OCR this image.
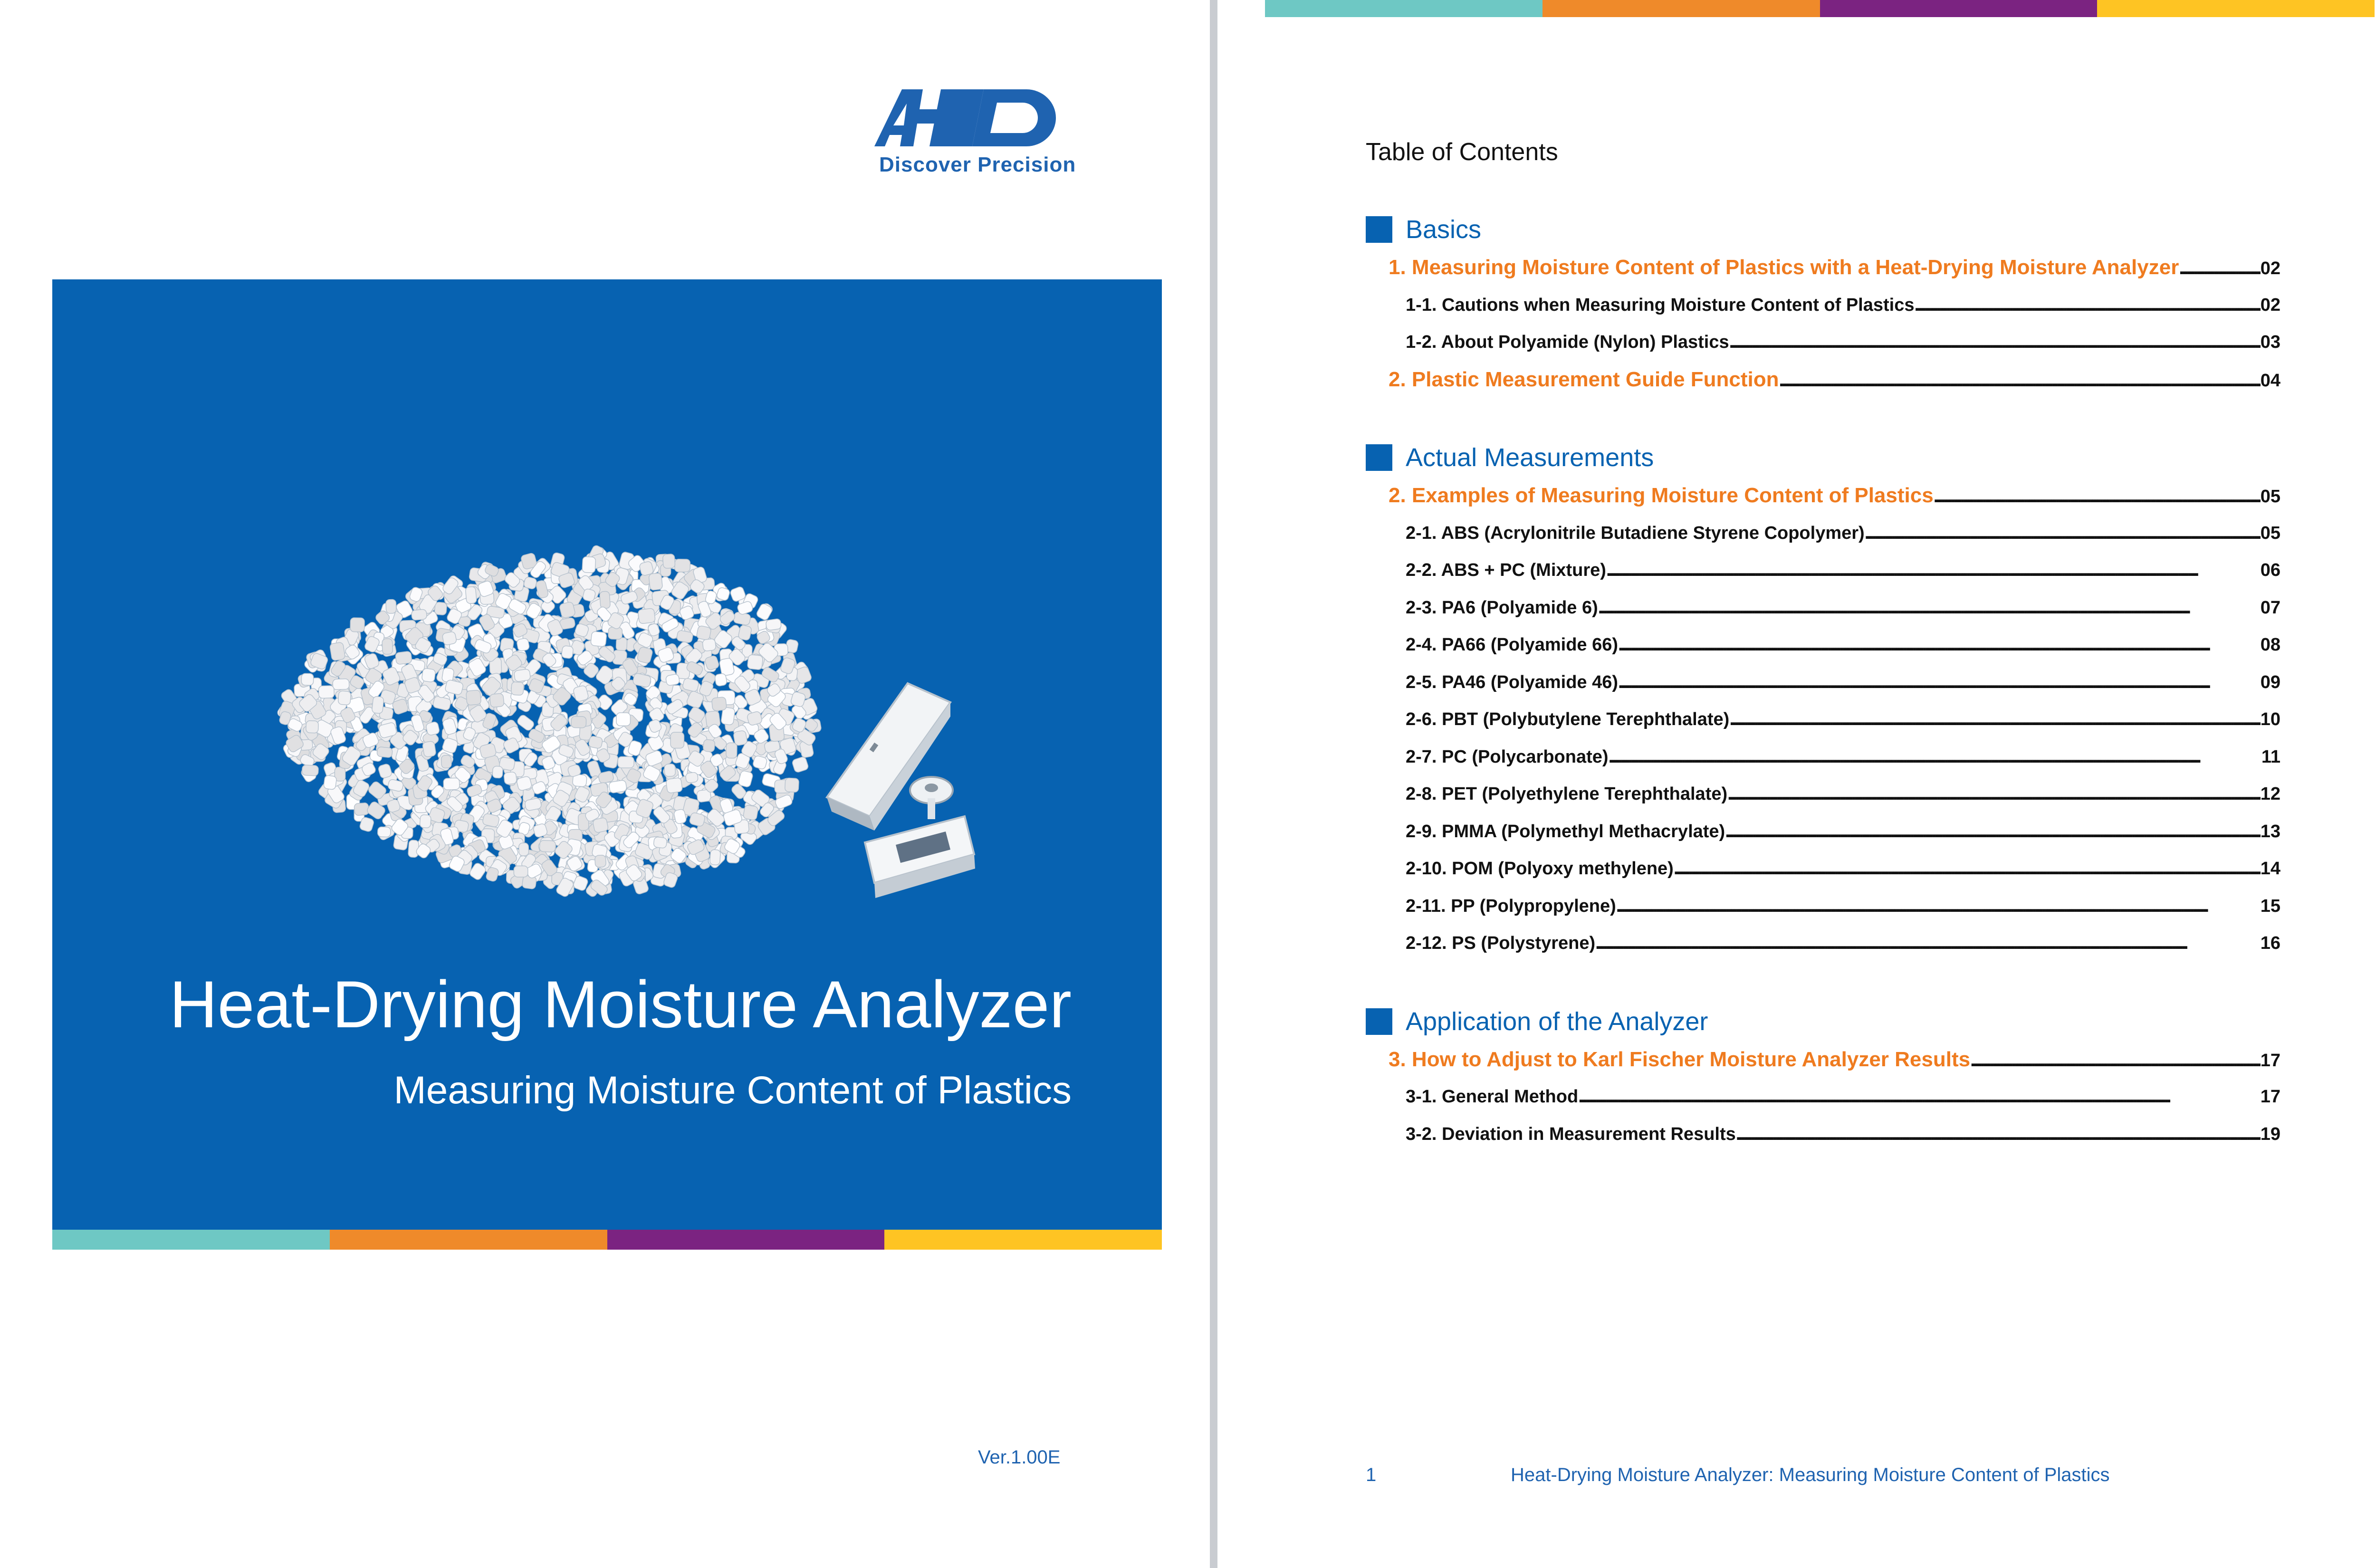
Discover Precision
Heat-Drying Moisture Analyzer
Measuring Moisture Content of Plastics
Ver.1.00E
Table of Contents
Basics
1. Measuring Moisture Content of Plastics with a Heat-Drying Moisture Analyzer . . .	02
1-1. Cautions when Measuring Moisture Content of Plastics . . .	02
1-2. About Polyamide (Nylon) Plastics . . .	03
2. Plastic Measurement Guide Function . . .	04
Actual Measurements
2. Examples of Measuring Moisture Content of Plastics . . .	05
2-1. ABS (Acrylonitrile Butadiene Styrene Copolymer) . . .	05
2-2. ABS + PC (Mixture) . . .	06
2-3. PA6 (Polyamide 6) . . .	07
2-4. PA66 (Polyamide 66) . . .	08
2-5. PA46 (Polyamide 46) . . .	09
2-6. PBT (Polybutylene Terephthalate) . . .	10
2-7. PC (Polycarbonate) . . .	11
2-8. PET (Polyethylene Terephthalate) . . .	12
2-9. PMMA (Polymethyl Methacrylate) . . .	13
2-10. POM (Polyoxy methylene) . . .	14
2-11. PP (Polypropylene) . . .	15
2-12. PS (Polystyrene) . . .	16
Application of the Analyzer
3. How to Adjust to Karl Fischer Moisture Analyzer Results . . .	17
3-1. General Method . . .	17
3-2. Deviation in Measurement Results . . .	19
1	Heat-Drying Moisture Analyzer: Measuring Moisture Content of Plastics
